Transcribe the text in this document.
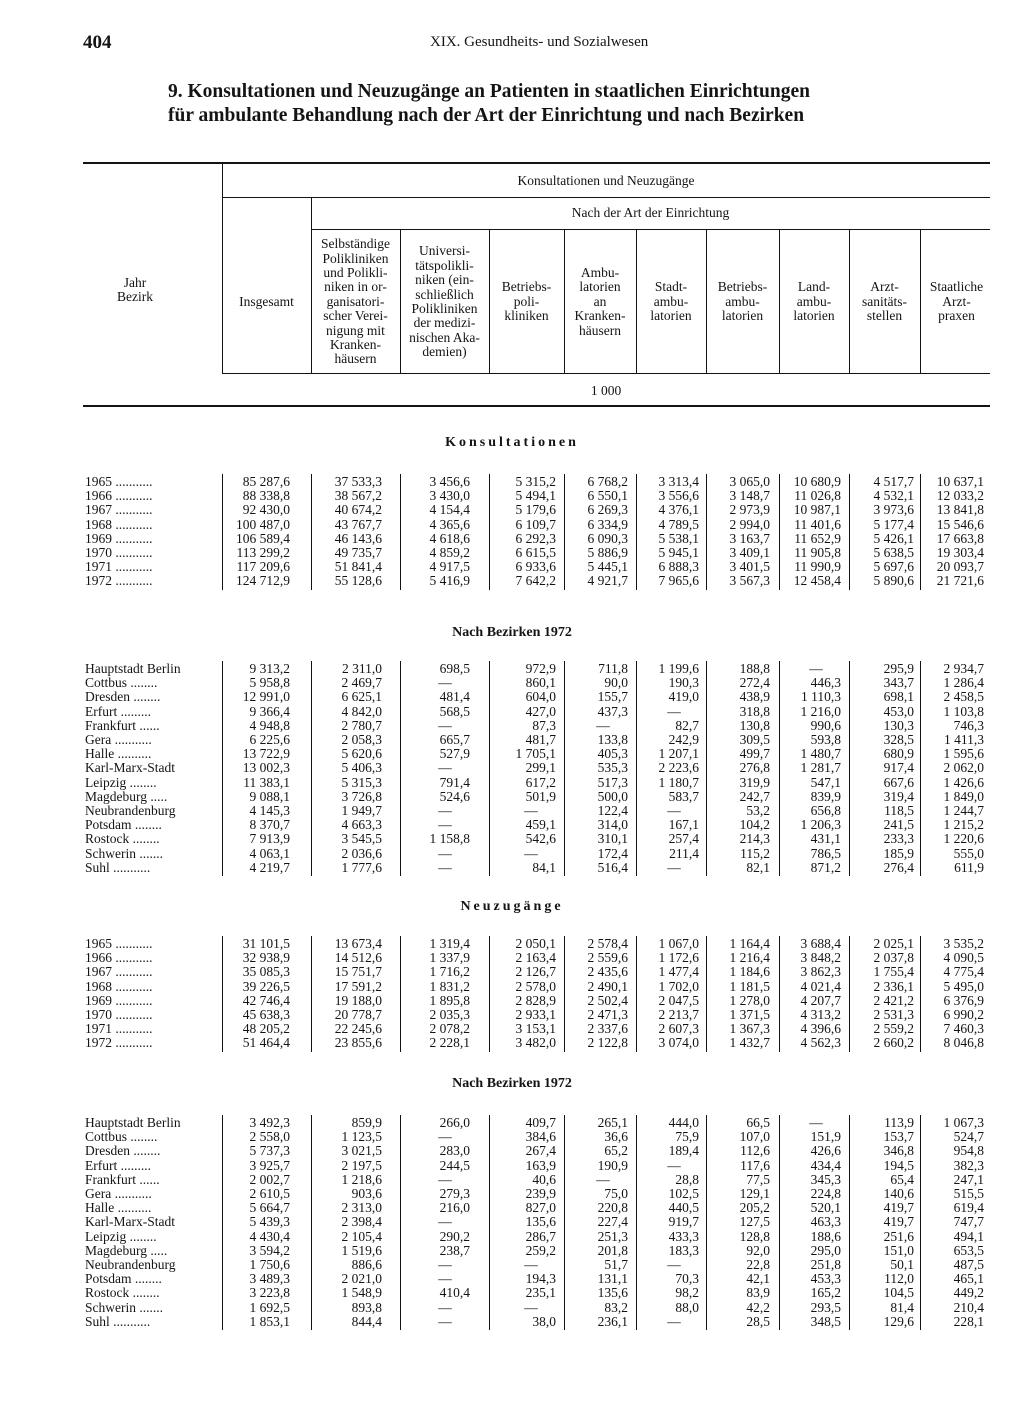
404	XIX. Gesundheits- und Sozialwesen
9. Konsultationen und Neuzugänge an Patienten in staatlichen Einrichtungen
für ambulante Behandlung nach der Art der Einrichtung und nach Bezirken
Jahr
Bezirk
Konsultationen und Neuzugänge
Nach der Art der Einrichtung
1 000
Insgesamt
Selbständige
Polikliniken
und Polikli-
niken in or-
ganisatori-
scher Verei-
nigung mit
Kranken-
häusern
Universi-
tätspolikli-
niken (ein-
schließlich
Polikliniken
der medizi-
nischen Aka-
demien)
Betriebs-
poli-
kliniken
Ambu-
latorien
an
Kranken-
häusern
Stadt-
ambu-
latorien
Betriebs-
ambu-
latorien
Land-
ambu-
latorien
Arzt-
sanitäts-
stellen
Staatliche
Arzt-
praxen
Konsultationen
1965 ...........	85 287,6	37 533,3	3 456,6	5 315,2	6 768,2	3 313,4	3 065,0	10 680,9	4 517,7	10 637,1
1966 ...........	88 338,8	38 567,2	3 430,0	5 494,1	6 550,1	3 556,6	3 148,7	11 026,8	4 532,1	12 033,2
1967 ...........	92 430,0	40 674,2	4 154,4	5 179,6	6 269,3	4 376,1	2 973,9	10 987,1	3 973,6	13 841,8
1968 ...........	100 487,0	43 767,7	4 365,6	6 109,7	6 334,9	4 789,5	2 994,0	11 401,6	5 177,4	15 546,6
1969 ...........	106 589,4	46 143,6	4 618,6	6 292,3	6 090,3	5 538,1	3 163,7	11 652,9	5 426,1	17 663,8
1970 ...........	113 299,2	49 735,7	4 859,2	6 615,5	5 886,9	5 945,1	3 409,1	11 905,8	5 638,5	19 303,4
1971 ...........	117 209,6	51 841,4	4 917,5	6 933,6	5 445,1	6 888,3	3 401,5	11 990,9	5 697,6	20 093,7
1972 ...........	124 712,9	55 128,6	5 416,9	7 642,2	4 921,7	7 965,6	3 567,3	12 458,4	5 890,6	21 721,6
Nach Bezirken 1972
Hauptstadt Berlin	9 313,2	2 311,0	698,5	972,9	711,8	1 199,6	188,8	—	295,9	2 934,7
Cottbus ........	5 958,8	2 469,7	—	860,1	90,0	190,3	272,4	446,3	343,7	1 286,4
Dresden ........	12 991,0	6 625,1	481,4	604,0	155,7	419,0	438,9	1 110,3	698,1	2 458,5
Erfurt .........	9 366,4	4 842,0	568,5	427,0	437,3	—	318,8	1 216,0	453,0	1 103,8
Frankfurt ......	4 948,8	2 780,7	—	87,3	—	82,7	130,8	990,6	130,3	746,3
Gera ...........	6 225,6	2 058,3	665,7	481,7	133,8	242,9	309,5	593,8	328,5	1 411,3
Halle ..........	13 722,9	5 620,6	527,9	1 705,1	405,3	1 207,1	499,7	1 480,7	680,9	1 595,6
Karl-Marx-Stadt	13 002,3	5 406,3	—	299,1	535,3	2 223,6	276,8	1 281,7	917,4	2 062,0
Leipzig ........	11 383,1	5 315,3	791,4	617,2	517,3	1 180,7	319,9	547,1	667,6	1 426,6
Magdeburg .....	9 088,1	3 726,8	524,6	501,9	500,0	583,7	242,7	839,9	319,4	1 849,0
Neubrandenburg	4 145,3	1 949,7	—	—	122,4	—	53,2	656,8	118,5	1 244,7
Potsdam ........	8 370,7	4 663,3	—	459,1	314,0	167,1	104,2	1 206,3	241,5	1 215,2
Rostock ........	7 913,9	3 545,5	1 158,8	542,6	310,1	257,4	214,3	431,1	233,3	1 220,6
Schwerin .......	4 063,1	2 036,6	—	—	172,4	211,4	115,2	786,5	185,9	555,0
Suhl ...........	4 219,7	1 777,6	—	84,1	516,4	—	82,1	871,2	276,4	611,9
Neuzugänge
1965 ...........	31 101,5	13 673,4	1 319,4	2 050,1	2 578,4	1 067,0	1 164,4	3 688,4	2 025,1	3 535,2
1966 ...........	32 938,9	14 512,6	1 337,9	2 163,4	2 559,6	1 172,6	1 216,4	3 848,2	2 037,8	4 090,5
1967 ...........	35 085,3	15 751,7	1 716,2	2 126,7	2 435,6	1 477,4	1 184,6	3 862,3	1 755,4	4 775,4
1968 ...........	39 226,5	17 591,2	1 831,2	2 578,0	2 490,1	1 702,0	1 181,5	4 021,4	2 336,1	5 495,0
1969 ...........	42 746,4	19 188,0	1 895,8	2 828,9	2 502,4	2 047,5	1 278,0	4 207,7	2 421,2	6 376,9
1970 ...........	45 638,3	20 778,7	2 035,3	2 933,1	2 471,3	2 213,7	1 371,5	4 313,2	2 531,3	6 990,2
1971 ...........	48 205,2	22 245,6	2 078,2	3 153,1	2 337,6	2 607,3	1 367,3	4 396,6	2 559,2	7 460,3
1972 ...........	51 464,4	23 855,6	2 228,1	3 482,0	2 122,8	3 074,0	1 432,7	4 562,3	2 660,2	8 046,8
Nach Bezirken 1972
Hauptstadt Berlin	3 492,3	859,9	266,0	409,7	265,1	444,0	66,5	—	113,9	1 067,3
Cottbus ........	2 558,0	1 123,5	—	384,6	36,6	75,9	107,0	151,9	153,7	524,7
Dresden ........	5 737,3	3 021,5	283,0	267,4	65,2	189,4	112,6	426,6	346,8	954,8
Erfurt .........	3 925,7	2 197,5	244,5	163,9	190,9	—	117,6	434,4	194,5	382,3
Frankfurt ......	2 002,7	1 218,6	—	40,6	—	28,8	77,5	345,3	65,4	247,1
Gera ...........	2 610,5	903,6	279,3	239,9	75,0	102,5	129,1	224,8	140,6	515,5
Halle ..........	5 664,7	2 313,0	216,0	827,0	220,8	440,5	205,2	520,1	419,7	619,4
Karl-Marx-Stadt	5 439,3	2 398,4	—	135,6	227,4	919,7	127,5	463,3	419,7	747,7
Leipzig ........	4 430,4	2 105,4	290,2	286,7	251,3	433,3	128,8	188,6	251,6	494,1
Magdeburg .....	3 594,2	1 519,6	238,7	259,2	201,8	183,3	92,0	295,0	151,0	653,5
Neubrandenburg	1 750,6	886,6	—	—	51,7	—	22,8	251,8	50,1	487,5
Potsdam ........	3 489,3	2 021,0	—	194,3	131,1	70,3	42,1	453,3	112,0	465,1
Rostock ........	3 223,8	1 548,9	410,4	235,1	135,6	98,2	83,9	165,2	104,5	449,2
Schwerin .......	1 692,5	893,8	—	—	83,2	88,0	42,2	293,5	81,4	210,4
Suhl ...........	1 853,1	844,4	—	38,0	236,1	—	28,5	348,5	129,6	228,1
